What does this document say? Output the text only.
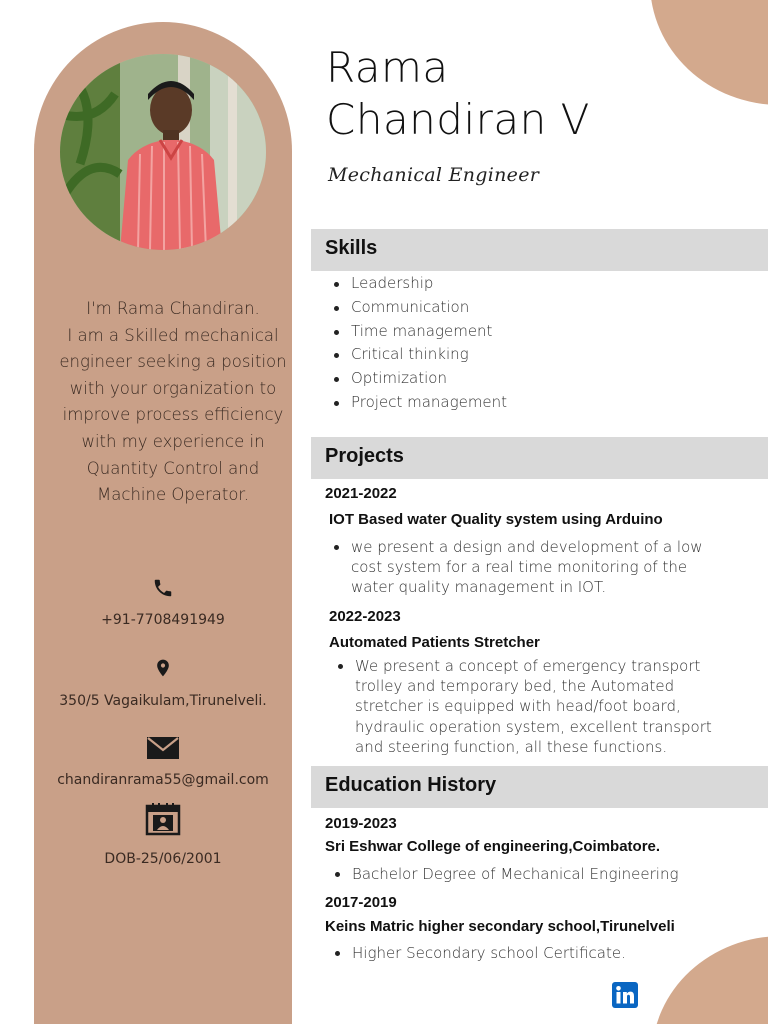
I'm Rama Chandiran.
I am a Skilled mechanical engineer seeking a position with your organization to improve process efficiency with my experience in Quantity Control and Machine Operator.
+91-7708491949
350/5 Vagaikulam,Tirunelveli.
chandiranrama55@gmail.com
DOB-25/06/2001
Rama
Chandiran V
Mechanical Engineer
Skills
Leadership
Communication
Time management
Critical thinking
Optimization
Project management
Projects
2021-2022
IOT Based water Quality system using Arduino
we present a design and development of a low cost system for a real time monitoring of the water quality management in IOT.
2022-2023
Automated Patients Stretcher
We present a concept of emergency transport trolley and temporary bed, the Automated stretcher is equipped with head/foot board, hydraulic operation system, excellent transport and steering function, all these functions.
Education History
2019-2023
Sri Eshwar College of engineering,Coimbatore.
Bachelor Degree of Mechanical Engineering
2017-2019
Keins Matric higher secondary school,Tirunelveli
Higher Secondary school Certificate.
